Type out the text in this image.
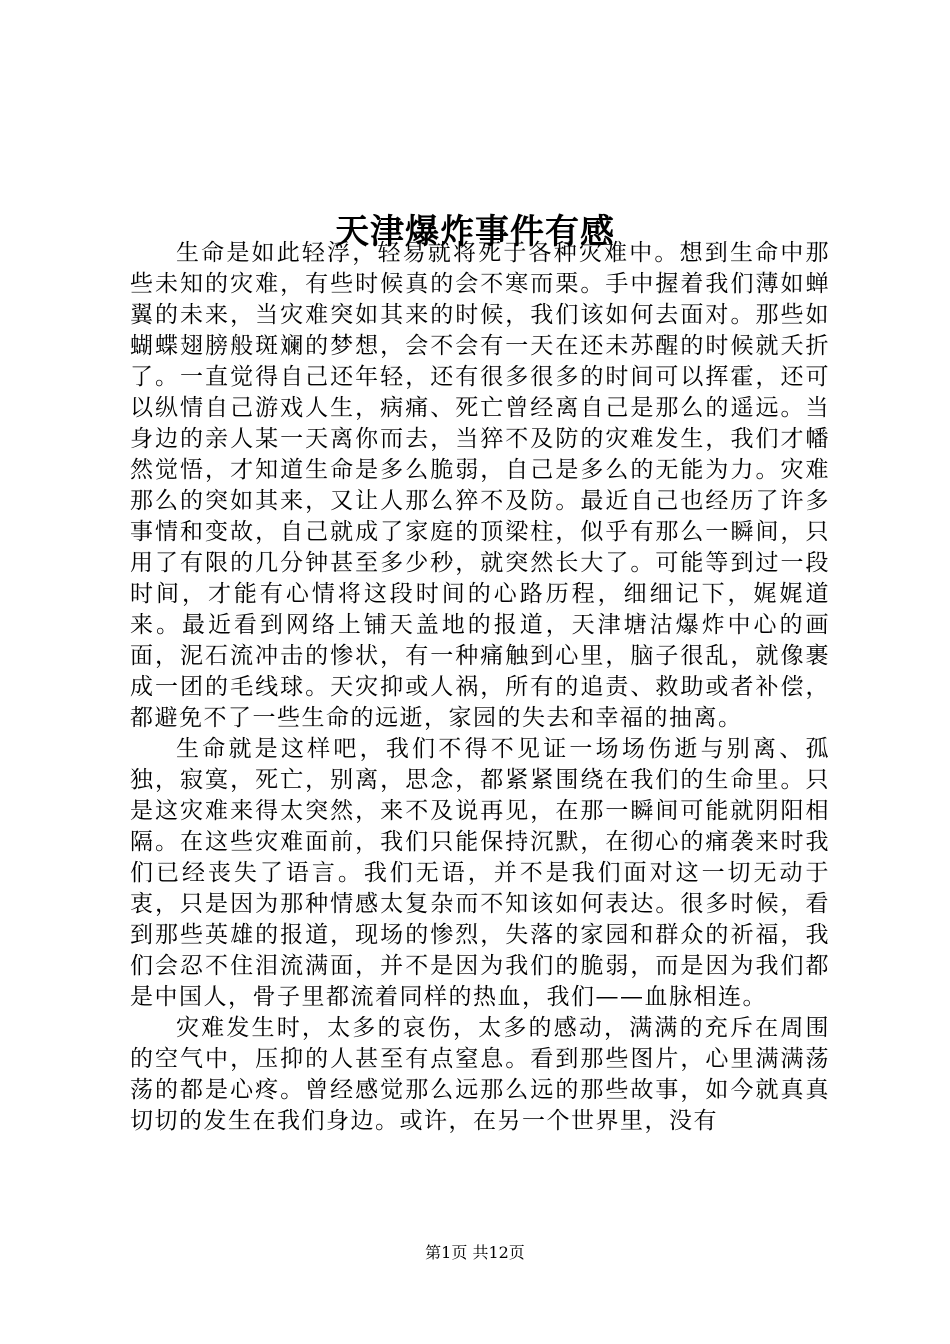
天津爆炸事件有感

生命是如此轻浮，轻易就将死于各种灾难中。想到生命中那些未知的灾难，有些时候真的会不寒而栗。手中握着我们薄如蝉翼的未来，当灾难突如其来的时候，我们该如何去面对。那些如蝴蝶翅膀般斑斓的梦想，会不会有一天在还未苏醒的时候就夭折了。一直觉得自己还年轻，还有很多很多的时间可以挥霍，还可以纵情自己游戏人生，病痛、死亡曾经离自己是那么的遥远。当身边的亲人某一天离你而去，当猝不及防的灾难发生，我们才幡然觉悟，才知道生命是多么脆弱，自己是多么的无能为力。灾难那么的突如其来，又让人那么猝不及防。最近自己也经历了许多事情和变故，自己就成了家庭的顶梁柱，似乎有那么一瞬间，只用了有限的几分钟甚至多少秒，就突然长大了。可能等到过一段时间，才能有心情将这段时间的心路历程，细细记下，娓娓道来。最近看到网络上铺天盖地的报道，天津塘沽爆炸中心的画面，泥石流冲击的惨状，有一种痛触到心里，脑子很乱，就像裹成一团的毛线球。天灾抑或人祸，所有的追责、救助或者补偿，都避免不了一些生命的远逝，家园的失去和幸福的抽离。

生命就是这样吧，我们不得不见证一场场伤逝与别离、孤独，寂寞，死亡，别离，思念，都紧紧围绕在我们的生命里。只是这灾难来得太突然，来不及说再见，在那一瞬间可能就阴阳相隔。在这些灾难面前，我们只能保持沉默，在彻心的痛袭来时我们已经丧失了语言。我们无语，并不是我们面对这一切无动于衷，只是因为那种情感太复杂而不知该如何表达。很多时候，看到那些英雄的报道，现场的惨烈，失落的家园和群众的祈福，我们会忍不住泪流满面，并不是因为我们的脆弱，而是因为我们都是中国人，骨子里都流着同样的热血，我们——血脉相连。

灾难发生时，太多的哀伤，太多的感动，满满的充斥在周围的空气中，压抑的人甚至有点窒息。看到那些图片，心里满满荡荡的都是心疼。曾经感觉那么远那么远的那些故事，如今就真真切切的发生在我们身边。或许，在另一个世界里，没有

第1页 共12页
